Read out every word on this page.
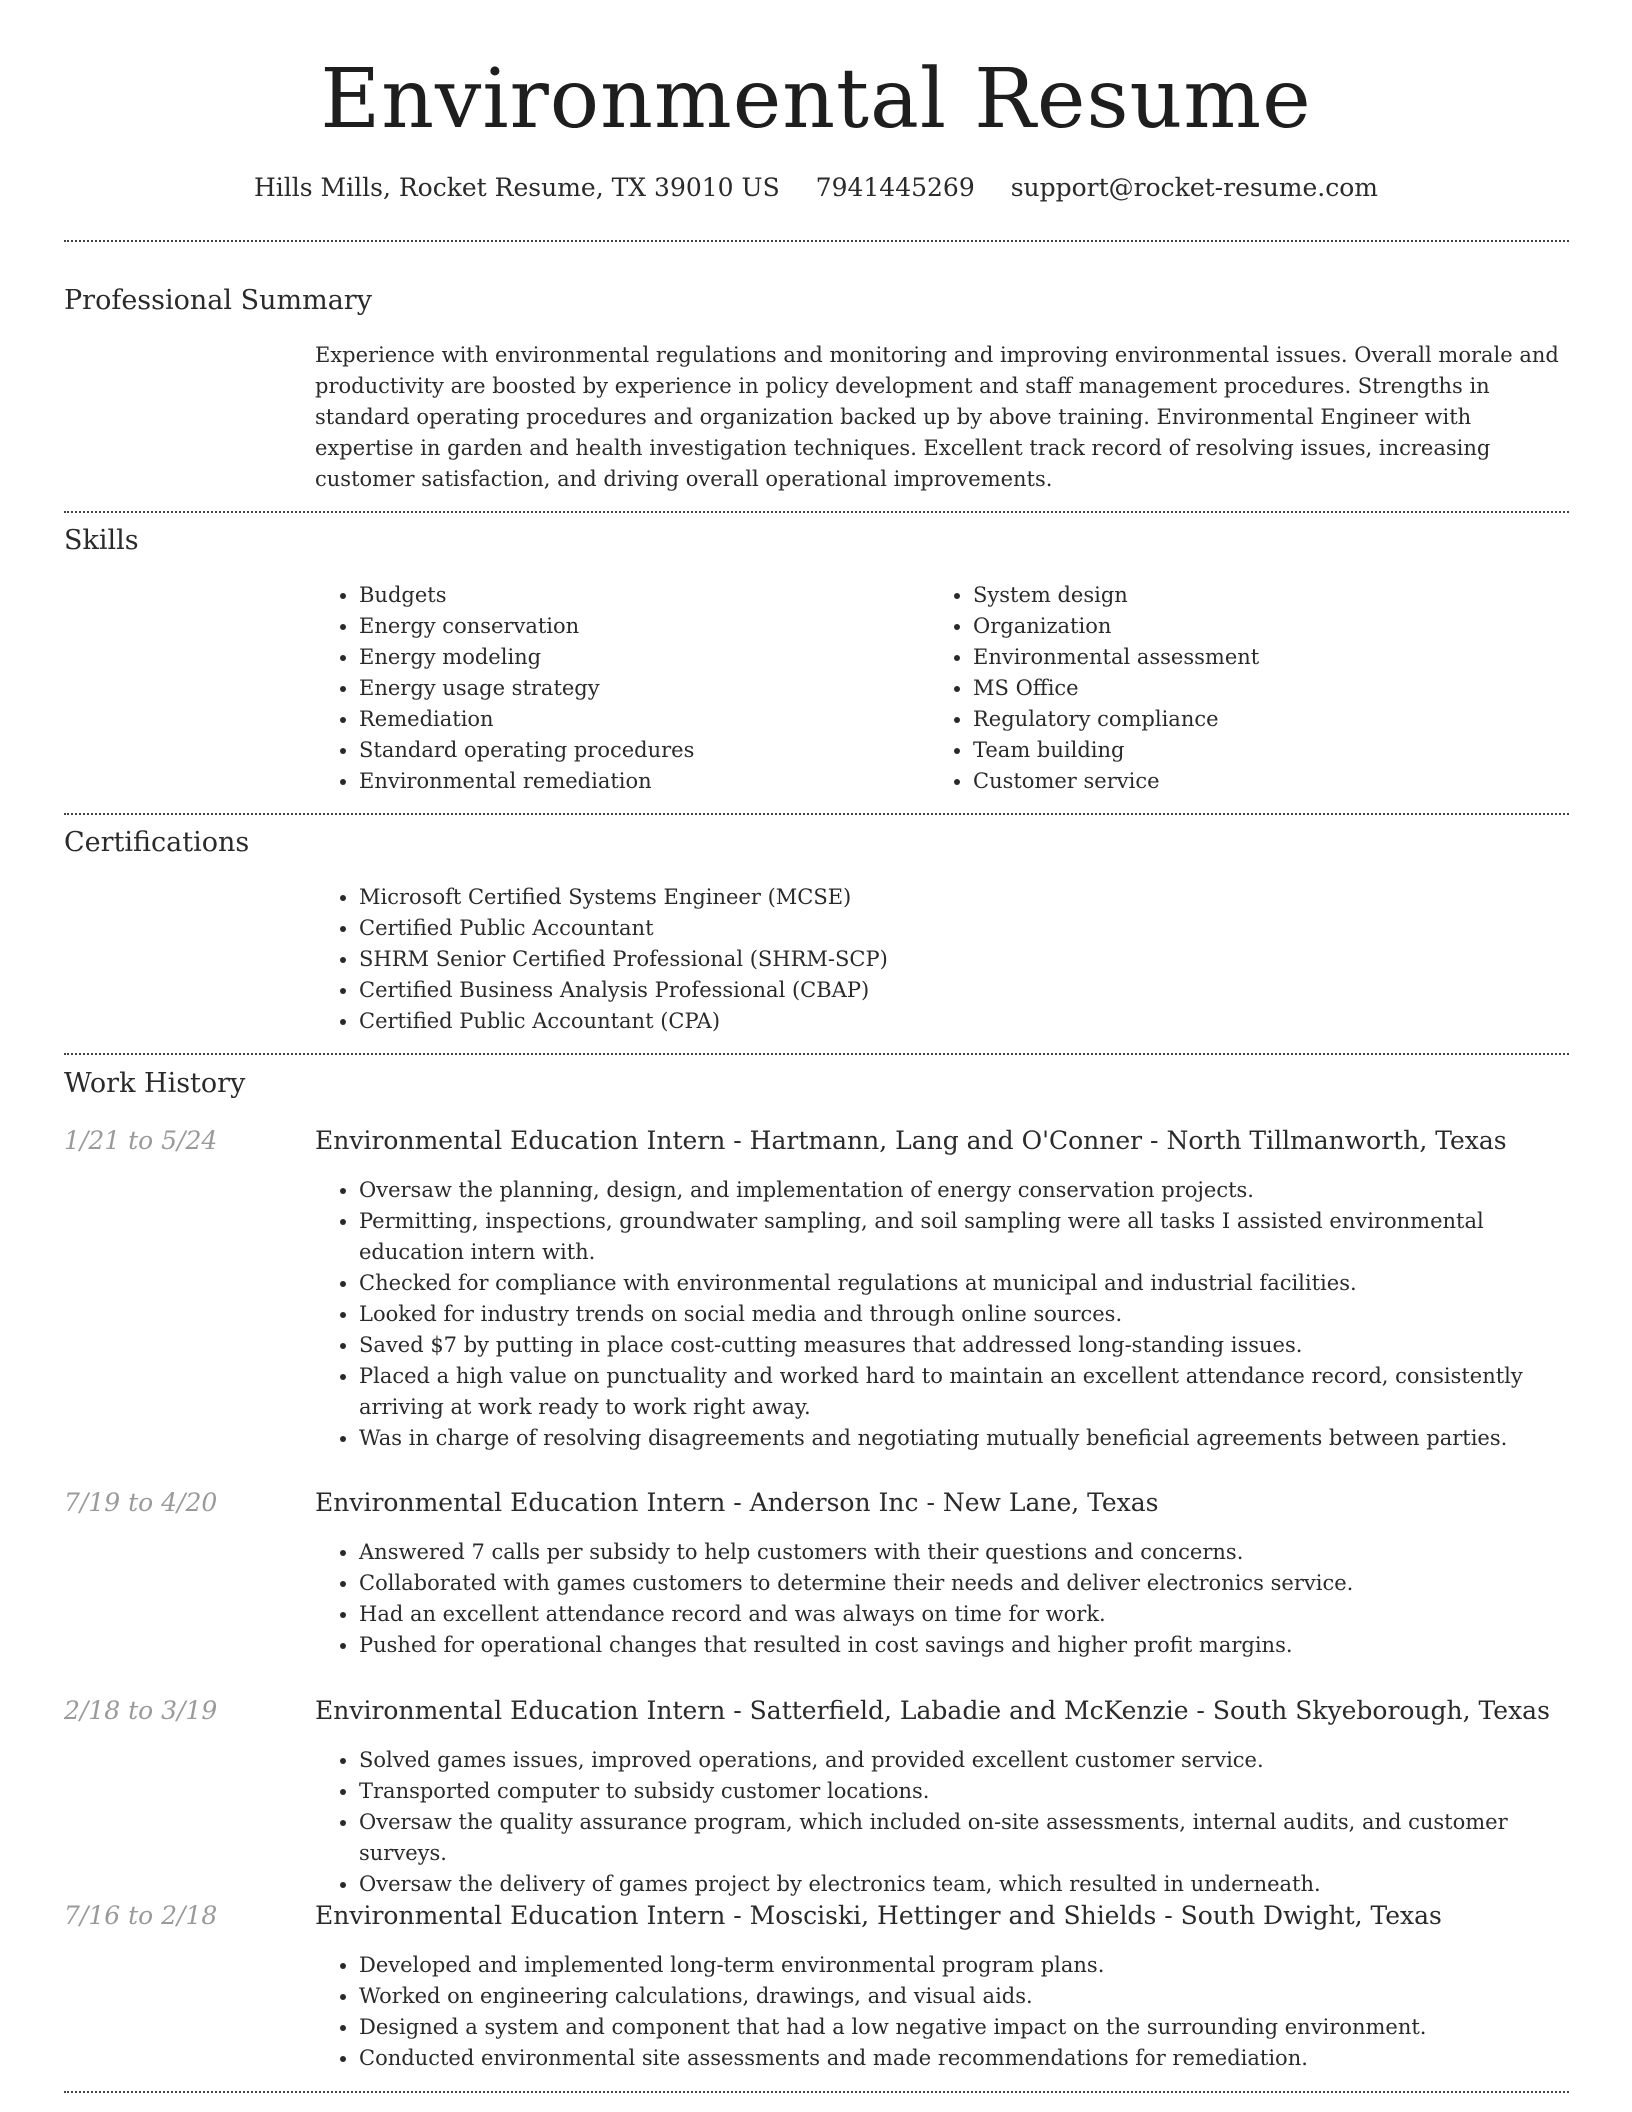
Environmental Resume
Hills Mills, Rocket Resume, TX 39010 US 7941445269 support@rocket-resume.com
Professional Summary

Experience with environmental regulations and monitoring and improving environmental issues. Overall morale and productivity are boosted by experience in policy development and staff management procedures. Strengths in standard operating procedures and organization backed up by above training. Environmental Engineer with expertise in garden and health investigation techniques. Excellent track record of resolving issues, increasing customer satisfaction, and driving overall operational improvements.

Skills
• Budgets
• Energy conservation
• Energy modeling
• Energy usage strategy
• Remediation
• Standard operating procedures
• Environmental remediation
• System design
• Organization
• Environmental assessment
• MS Office
• Regulatory compliance
• Team building
• Customer service
Certifications
• Microsoft Certified Systems Engineer (MCSE)
• Certified Public Accountant
• SHRM Senior Certified Professional (SHRM-SCP)
• Certified Business Analysis Professional (CBAP)
• Certified Public Accountant (CPA)
Work History
1/21 to 5/24	Environmental Education Intern - Hartmann, Lang and O'Conner - North Tillmanworth, Texas
• Oversaw the planning, design, and implementation of energy conservation projects.
• Permitting, inspections, groundwater sampling, and soil sampling were all tasks I assisted environmental education intern with.
• Checked for compliance with environmental regulations at municipal and industrial facilities.
• Looked for industry trends on social media and through online sources.
• Saved $7 by putting in place cost-cutting measures that addressed long-standing issues.
• Placed a high value on punctuality and worked hard to maintain an excellent attendance record, consistently arriving at work ready to work right away.
• Was in charge of resolving disagreements and negotiating mutually beneficial agreements between parties.
7/19 to 4/20	Environmental Education Intern - Anderson Inc - New Lane, Texas
• Answered 7 calls per subsidy to help customers with their questions and concerns.
• Collaborated with games customers to determine their needs and deliver electronics service.
• Had an excellent attendance record and was always on time for work.
• Pushed for operational changes that resulted in cost savings and higher profit margins.
2/18 to 3/19	Environmental Education Intern - Satterfield, Labadie and McKenzie - South Skyeborough, Texas
• Solved games issues, improved operations, and provided excellent customer service.
• Transported computer to subsidy customer locations.
• Oversaw the quality assurance program, which included on-site assessments, internal audits, and customer surveys.
• Oversaw the delivery of games project by electronics team, which resulted in underneath.
7/16 to 2/18	Environmental Education Intern - Mosciski, Hettinger and Shields - South Dwight, Texas
• Developed and implemented long-term environmental program plans.
• Worked on engineering calculations, drawings, and visual aids.
• Designed a system and component that had a low negative impact on the surrounding environment.
• Conducted environmental site assessments and made recommendations for remediation.
